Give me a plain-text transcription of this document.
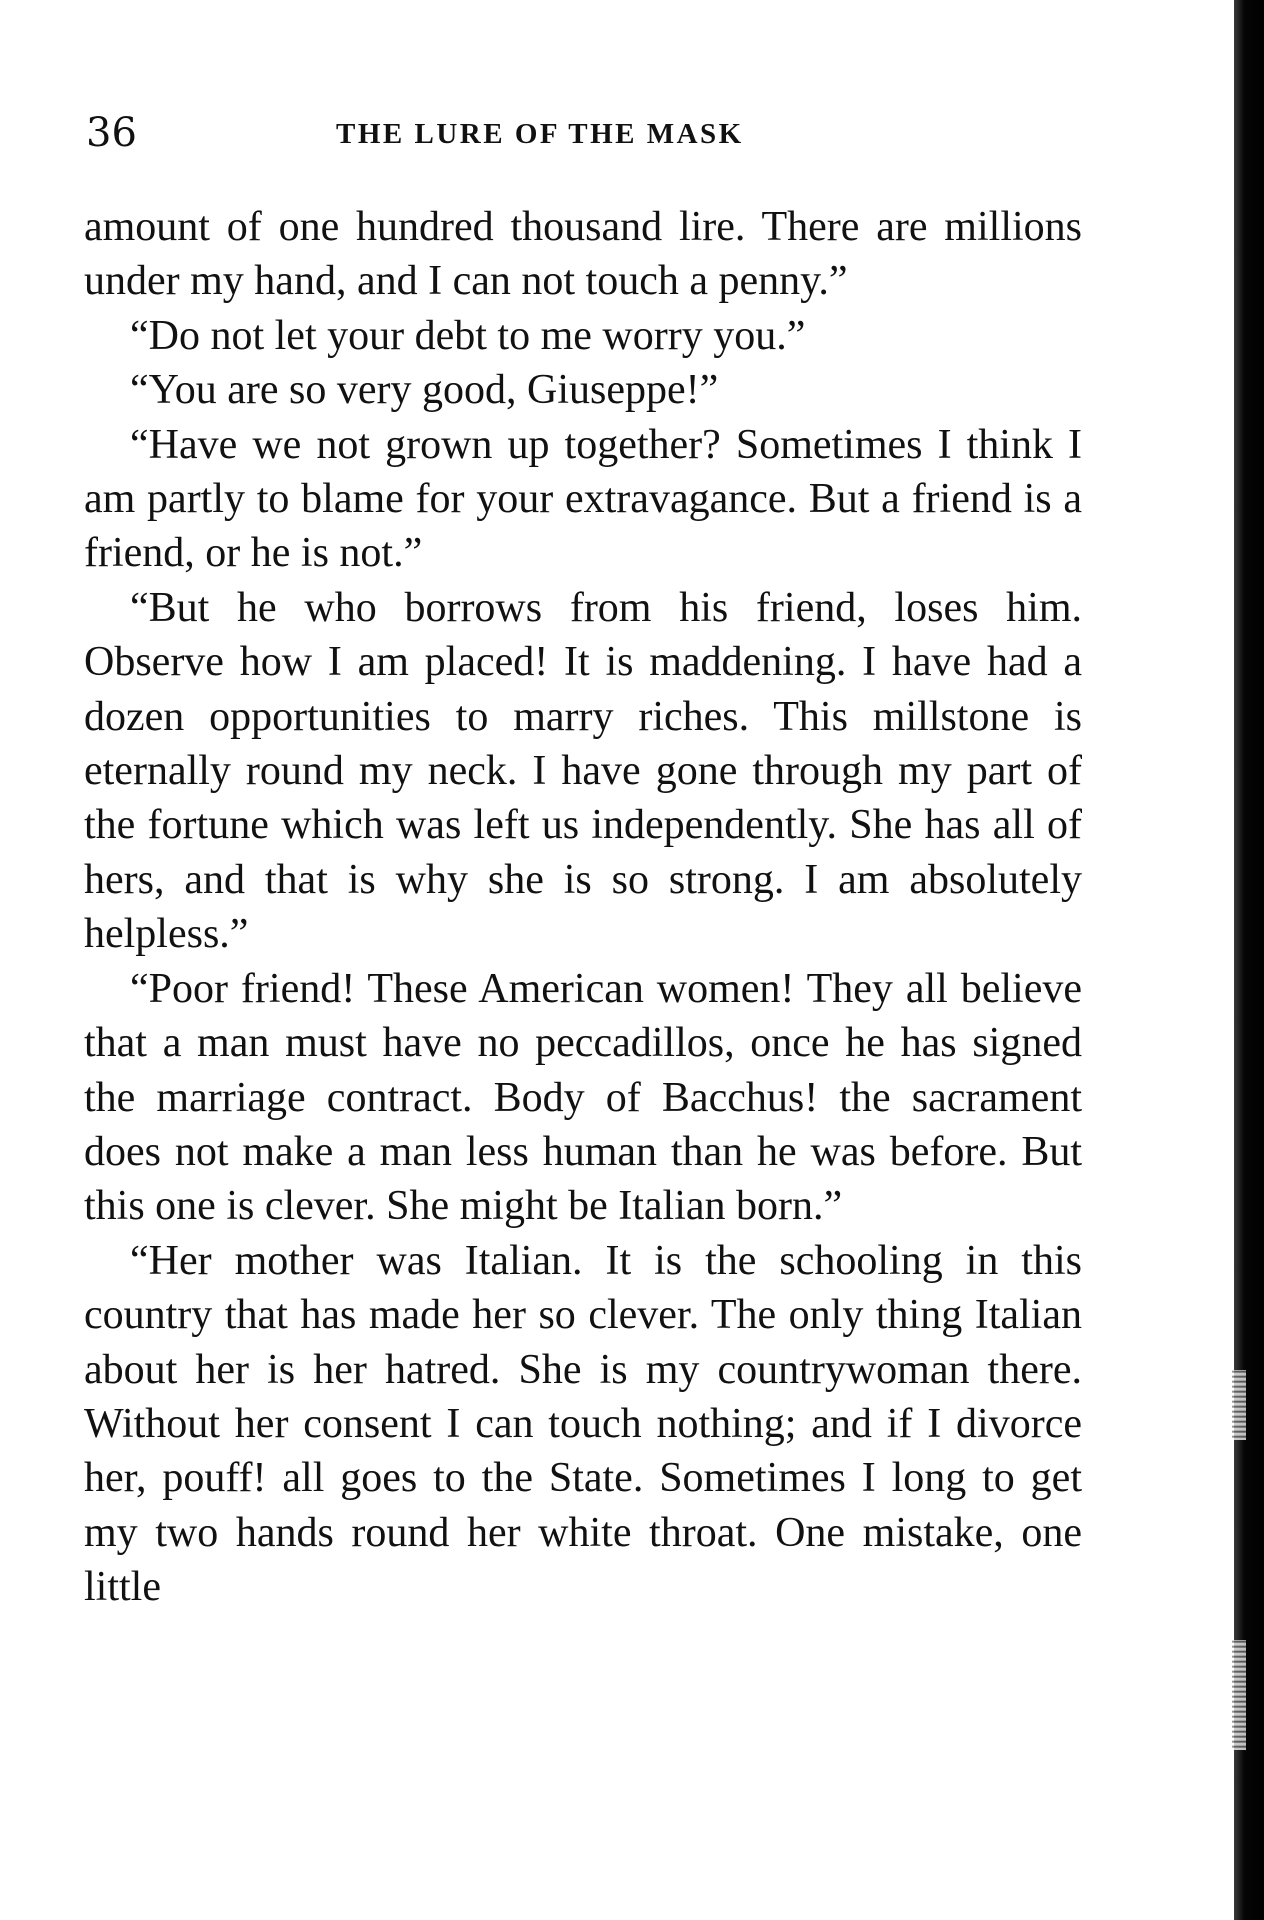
36	THE LURE OF THE MASK

amount of one hundred thousand lire. There are millions under my hand, and I can not touch a penny.”

“Do not let your debt to me worry you.”

“You are so very good, Giuseppe!”

“Have we not grown up together? Sometimes I think I am partly to blame for your extravagance. But a friend is a friend, or he is not.”

“But he who borrows from his friend, loses him. Observe how I am placed! It is maddening. I have had a dozen opportunities to marry riches. This millstone is eternally round my neck. I have gone through my part of the fortune which was left us independently. She has all of hers, and that is why she is so strong. I am absolutely helpless.”

“Poor friend! These American women! They all believe that a man must have no peccadillos, once he has signed the marriage contract. Body of Bacchus! the sacrament does not make a man less human than he was before. But this one is clever. She might be Italian born.”

“Her mother was Italian. It is the schooling in this country that has made her so clever. The only thing Italian about her is her hatred. She is my countrywoman there. Without her consent I can touch nothing; and if I divorce her, pouff! all goes to the State. Sometimes I long to get my two hands round her white throat. One mistake, one little
